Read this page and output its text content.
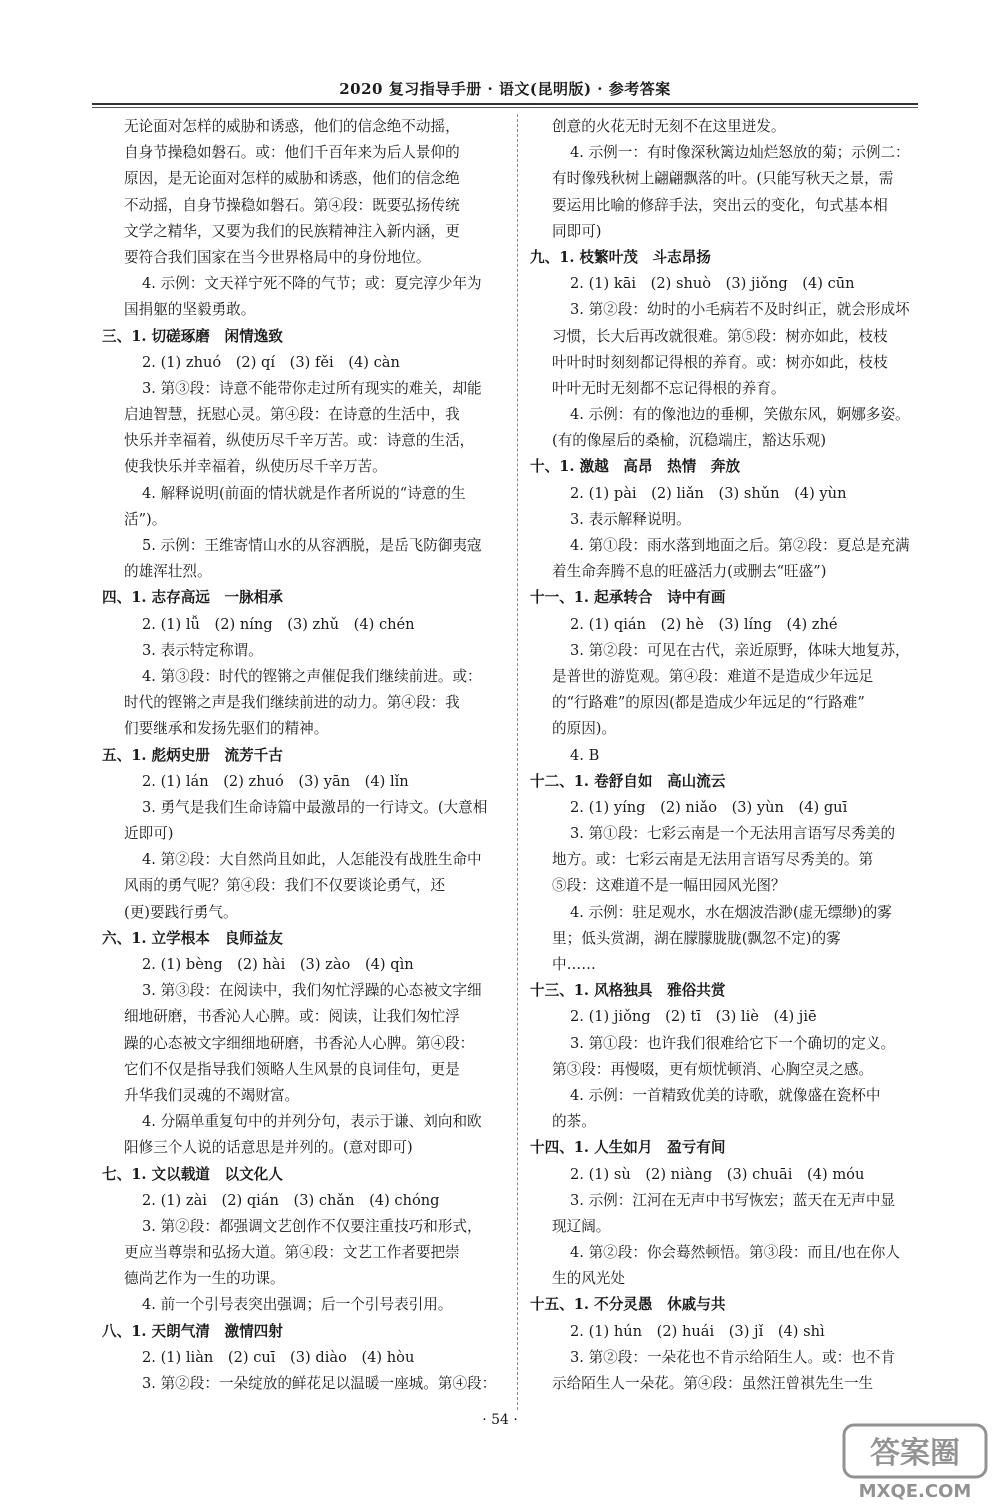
2020 复习指导手册 · 语文(昆明版) · 参考答案
无论面对怎样的威胁和诱惑，他们的信念绝不动摇，
自身节操稳如磐石。或：他们千百年来为后人景仰的
原因，是无论面对怎样的威胁和诱惑，他们的信念绝
不动摇，自身节操稳如磐石。第④段：既要弘扬传统
文学之精华，又要为我们的民族精神注入新内涵，更
要符合我们国家在当今世界格局中的身份地位。
4. 示例：文天祥宁死不降的气节；或：夏完淳少年为
国捐躯的坚毅勇敢。
三、1. 切磋琢磨　闲情逸致
2. (1) zhuó　(2) qí　(3) fěi　(4) càn
3. 第③段：诗意不能带你走过所有现实的难关，却能
启迪智慧，抚慰心灵。第④段：在诗意的生活中，我
快乐并幸福着，纵使历尽千辛万苦。或：诗意的生活，
使我快乐并幸福着，纵使历尽千辛万苦。
4. 解释说明(前面的情状就是作者所说的“诗意的生
活”)。
5. 示例：王维寄情山水的从容洒脱，是岳飞防御夷寇
的雄浑壮烈。
四、1. 志存高远　一脉相承
2. (1) lǚ　(2) níng　(3) zhǔ　(4) chén
3. 表示特定称谓。
4. 第③段：时代的铿锵之声催促我们继续前进。或：
时代的铿锵之声是我们继续前进的动力。第④段：我
们要继承和发扬先驱们的精神。
五、1. 彪炳史册　流芳千古
2. (1) lán　(2) zhuó　(3) yān　(4) lǐn
3. 勇气是我们生命诗篇中最激昂的一行诗文。(大意相
近即可)
4. 第②段：大自然尚且如此，人怎能没有战胜生命中
风雨的勇气呢？第④段：我们不仅要谈论勇气，还
(更)要践行勇气。
六、1. 立学根本　良师益友
2. (1) bèng　(2) hài　(3) zào　(4) qìn
3. 第③段：在阅读中，我们匆忙浮躁的心态被文字细
细地研磨，书香沁人心脾。或：阅读，让我们匆忙浮
躁的心态被文字细细地研磨，书香沁人心脾。第④段：
它们不仅是指导我们领略人生风景的良词佳句，更是
升华我们灵魂的不竭财富。
4. 分隔单重复句中的并列分句，表示于谦、刘向和欧
阳修三个人说的话意思是并列的。(意对即可)
七、1. 文以载道　以文化人
2. (1) zài　(2) qián　(3) chǎn　(4) chóng
3. 第②段：都强调文艺创作不仅要注重技巧和形式，
更应当尊崇和弘扬大道。第④段：文艺工作者要把崇
德尚艺作为一生的功课。
4. 前一个引号表突出强调；后一个引号表引用。
八、1. 天朗气清　激情四射
2. (1) liàn　(2) cuī　(3) diào　(4) hòu
3. 第②段：一朵绽放的鲜花足以温暖一座城。第④段：
创意的火花无时无刻不在这里迸发。
4. 示例一：有时像深秋篱边灿烂怒放的菊；示例二：
有时像残秋树上翩翩飘落的叶。(只能写秋天之景，需
要运用比喻的修辞手法，突出云的变化，句式基本相
同即可)
九、1. 枝繁叶茂　斗志昂扬
2. (1) kāi　(2) shuò　(3) jiǒng　(4) cūn
3. 第②段：幼时的小毛病若不及时纠正，就会形成坏
习惯，长大后再改就很难。第⑤段：树亦如此，枝枝
叶叶时时刻刻都记得根的养育。或：树亦如此，枝枝
叶叶无时无刻都不忘记得根的养育。
4. 示例：有的像池边的垂柳，笑傲东风，婀娜多姿。
(有的像屋后的桑榆，沉稳端庄，豁达乐观)
十、1. 激越　高昂　热情　奔放
2. (1) pài　(2) liǎn　(3) shǔn　(4) yùn
3. 表示解释说明。
4. 第①段：雨水落到地面之后。第②段：夏总是充满
着生命奔腾不息的旺盛活力(或删去“旺盛”)
十一、1. 起承转合　诗中有画
2. (1) qián　(2) hè　(3) líng　(4) zhé
3. 第②段：可见在古代，亲近原野，体味大地复苏，
是普世的游览观。第④段：难道不是造成少年远足
的“行路难”的原因(都是造成少年远足的“行路难”
的原因)。
4. B
十二、1. 卷舒自如　高山流云
2. (1) yíng　(2) niǎo　(3) yùn　(4) guī
3. 第①段：七彩云南是一个无法用言语写尽秀美的
地方。或：七彩云南是无法用言语写尽秀美的。第
⑤段：这难道不是一幅田园风光图？
4. 示例：驻足观水，水在烟波浩渺(虚无缥缈)的雾
里；低头赏湖，湖在朦朦胧胧(飘忽不定)的雾
中……
十三、1. 风格独具　雅俗共赏
2. (1) jiǒng　(2) tī　(3) liè　(4) jiē
3. 第①段：也许我们很难给它下一个确切的定义。
第③段：再慢啜，更有烦忧顿消、心胸空灵之感。
4. 示例：一首精致优美的诗歌，就像盛在瓷杯中
的茶。
十四、1. 人生如月　盈亏有间
2. (1) sù　(2) niàng　(3) chuāi　(4) móu
3. 示例：江河在无声中书写恢宏；蓝天在无声中显
现辽阔。
4. 第②段：你会蓦然顿悟。第③段：而且/也在你人
生的风光处
十五、1. 不分灵愚　休戚与共
2. (1) hún　(2) huái　(3) jǐ　(4) shì
3. 第②段：一朵花也不肯示给陌生人。或：也不肯
示给陌生人一朵花。第④段：虽然汪曾祺先生一生
· 54 ·
答案圈
MXQE.COM
